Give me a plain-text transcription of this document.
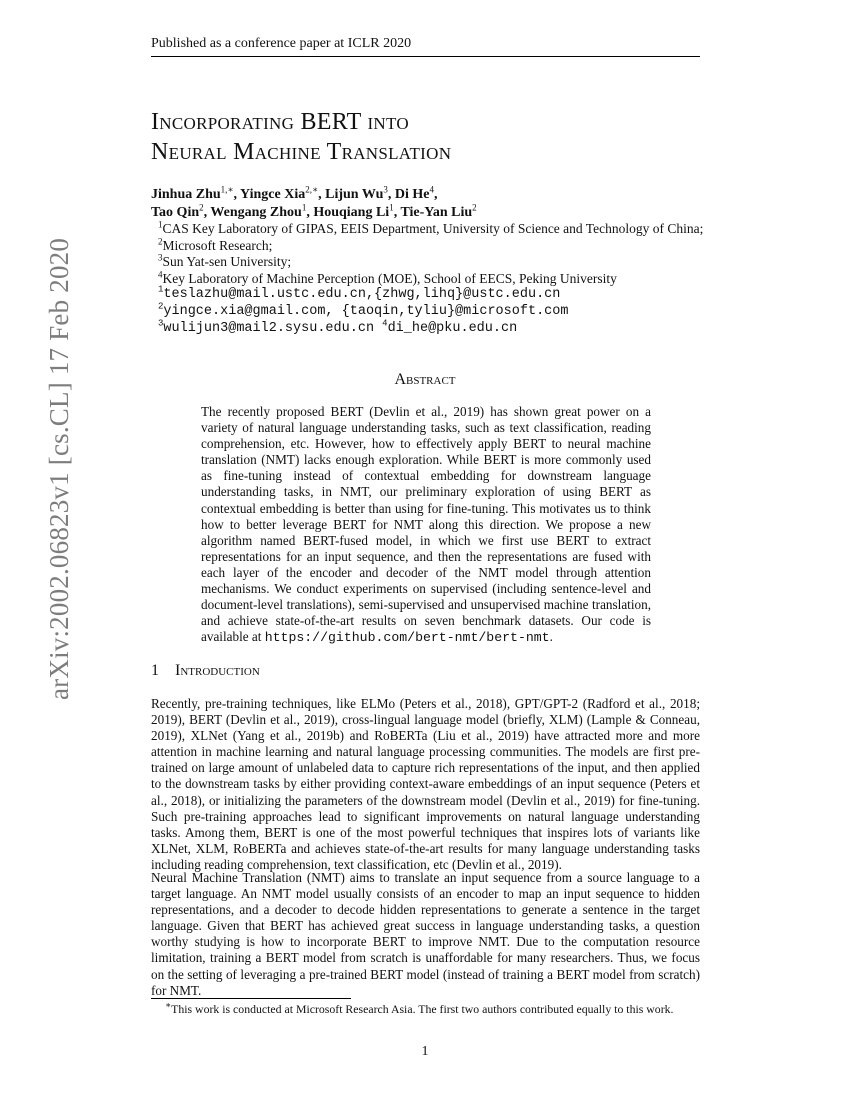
Published as a conference paper at ICLR 2020
arXiv:2002.06823v1 [cs.CL] 17 Feb 2020
Incorporating BERT into
Neural Machine Translation
Jinhua Zhu$^{1,∗}$, Yingce Xia$^{2,∗}$, Lijun Wu$^3$, Di He$^4$,
Tao Qin$^2$, Wengang Zhou$^1$, Houqiang Li$^1$, Tie-Yan Liu$^2$
$^1$CAS Key Laboratory of GIPAS, EEIS Department, University of Science and Technology of China;
$^2$Microsoft Research;
$^3$Sun Yat-sen University;
$^4$Key Laboratory of Machine Perception (MOE), School of EECS, Peking University
$^1$teslazhu@mail.ustc.edu.cn,{zhwg,lihq}@ustc.edu.cn
$^2$yingce.xia@gmail.com, {taoqin,tyliu}@microsoft.com
$^3$wulijun3@mail2.sysu.edu.cn $^4$di_he@pku.edu.cn
Abstract
The recently proposed BERT (Devlin et al., 2019) has shown great power on a variety of natural language understanding tasks, such as text classification, reading comprehension, etc. However, how to effectively apply BERT to neural machine translation (NMT) lacks enough exploration. While BERT is more commonly used as fine-tuning instead of contextual embedding for downstream language understanding tasks, in NMT, our preliminary exploration of using BERT as contextual embedding is better than using for fine-tuning. This motivates us to think how to better leverage BERT for NMT along this direction. We propose a new algorithm named BERT-fused model, in which we first use BERT to extract representations for an input sequence, and then the representations are fused with each layer of the encoder and decoder of the NMT model through attention mechanisms. We conduct experiments on supervised (including sentence-level and document-level translations), semi-supervised and unsupervised machine translation, and achieve state-of-the-art results on seven benchmark datasets. Our code is available at https://github.com/bert-nmt/bert-nmt.
1 Introduction
Recently, pre-training techniques, like ELMo (Peters et al., 2018), GPT/GPT-2 (Radford et al., 2018; 2019), BERT (Devlin et al., 2019), cross-lingual language model (briefly, XLM) (Lample & Conneau, 2019), XLNet (Yang et al., 2019b) and RoBERTa (Liu et al., 2019) have attracted more and more attention in machine learning and natural language processing communities. The models are first pre-trained on large amount of unlabeled data to capture rich representations of the input, and then applied to the downstream tasks by either providing context-aware embeddings of an input sequence (Peters et al., 2018), or initializing the parameters of the downstream model (Devlin et al., 2019) for fine-tuning. Such pre-training approaches lead to significant improvements on natural language understanding tasks. Among them, BERT is one of the most powerful techniques that inspires lots of variants like XLNet, XLM, RoBERTa and achieves state-of-the-art results for many language understanding tasks including reading comprehension, text classification, etc (Devlin et al., 2019).
Neural Machine Translation (NMT) aims to translate an input sequence from a source language to a target language. An NMT model usually consists of an encoder to map an input sequence to hidden representations, and a decoder to decode hidden representations to generate a sentence in the target language. Given that BERT has achieved great success in language understanding tasks, a question worthy studying is how to incorporate BERT to improve NMT. Due to the computation resource limitation, training a BERT model from scratch is unaffordable for many researchers. Thus, we focus on the setting of leveraging a pre-trained BERT model (instead of training a BERT model from scratch) for NMT.
∗This work is conducted at Microsoft Research Asia. The first two authors contributed equally to this work.
1
